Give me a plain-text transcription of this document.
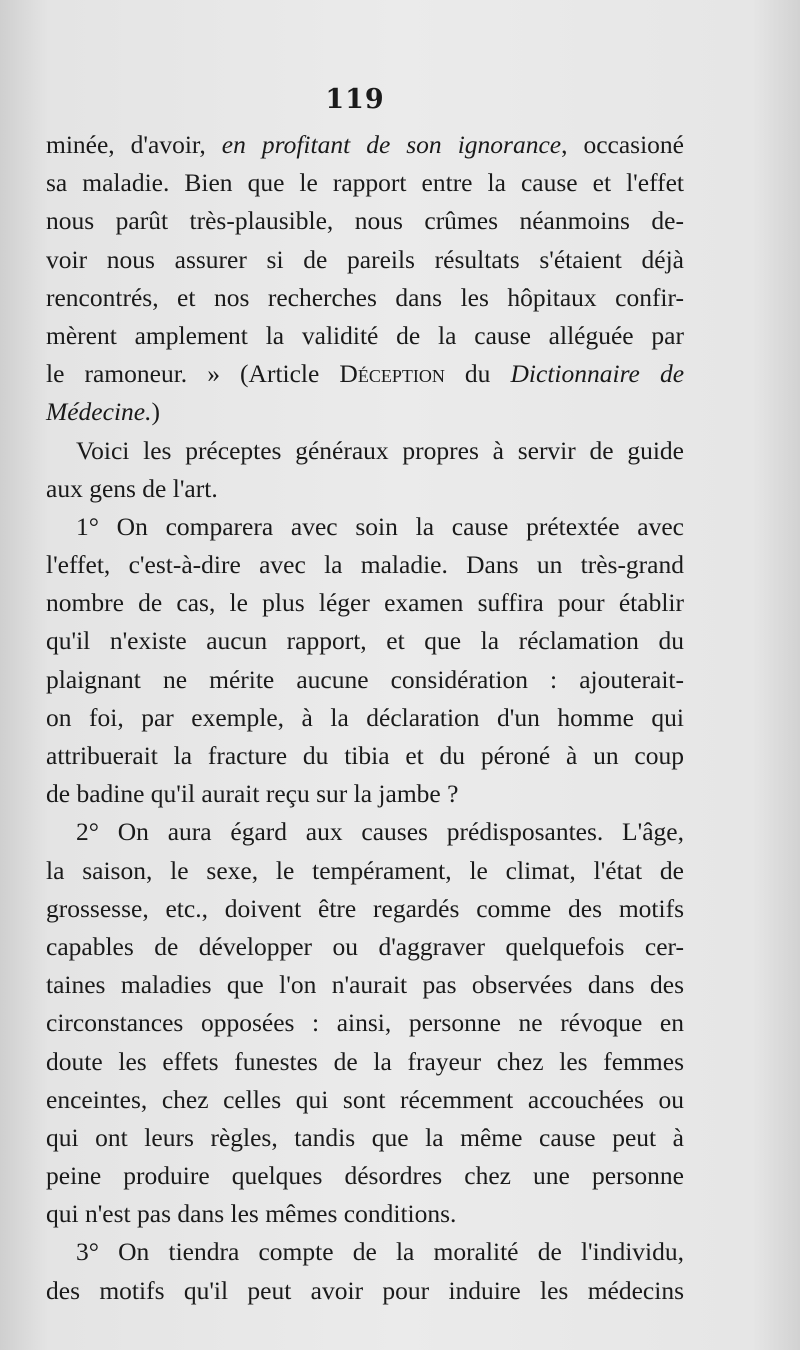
119
minée, d'avoir, en profitant de son ignorance, occasioné
sa maladie. Bien que le rapport entre la cause et l'effet
nous parût très-plausible, nous crûmes néanmoins de-
voir nous assurer si de pareils résultats s'étaient déjà
rencontrés, et nos recherches dans les hôpitaux confir-
mèrent amplement la validité de la cause alléguée par
le ramoneur. » (Article Déception du Dictionnaire de
Médecine.)
Voici les préceptes généraux propres à servir de guide
aux gens de l'art.
1° On comparera avec soin la cause prétextée avec
l'effet, c'est-à-dire avec la maladie. Dans un très-grand
nombre de cas, le plus léger examen suffira pour établir
qu'il n'existe aucun rapport, et que la réclamation du
plaignant ne mérite aucune considération : ajouterait-
on foi, par exemple, à la déclaration d'un homme qui
attribuerait la fracture du tibia et du péroné à un coup
de badine qu'il aurait reçu sur la jambe ?
2° On aura égard aux causes prédisposantes. L'âge,
la saison, le sexe, le tempérament, le climat, l'état de
grossesse, etc., doivent être regardés comme des motifs
capables de développer ou d'aggraver quelquefois cer-
taines maladies que l'on n'aurait pas observées dans des
circonstances opposées : ainsi, personne ne révoque en
doute les effets funestes de la frayeur chez les femmes
enceintes, chez celles qui sont récemment accouchées ou
qui ont leurs règles, tandis que la même cause peut à
peine produire quelques désordres chez une personne
qui n'est pas dans les mêmes conditions.
3° On tiendra compte de la moralité de l'individu,
des motifs qu'il peut avoir pour induire les médecins
